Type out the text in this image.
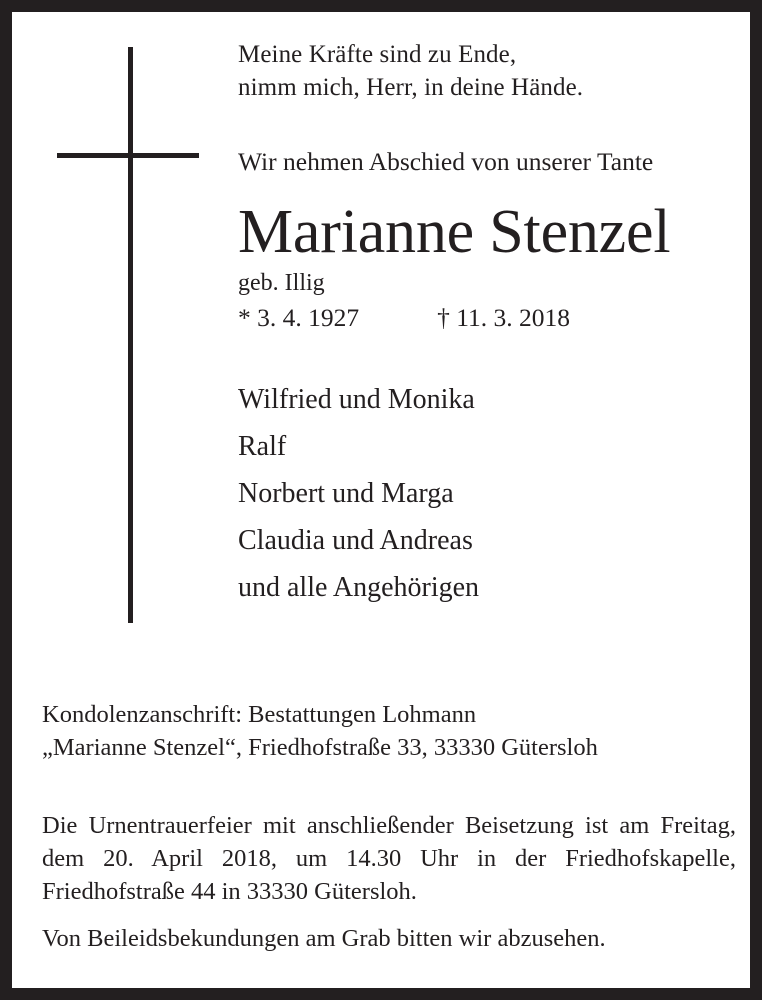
Meine Kräfte sind zu Ende,
nimm mich, Herr, in deine Hände.
Wir nehmen Abschied von unserer Tante
Marianne Stenzel
geb. Illig
* 3. 4. 1927	† 11. 3. 2018
Wilfried und Monika
Ralf
Norbert und Marga
Claudia und Andreas
und alle Angehörigen
Kondolenzanschrift: Bestattungen Lohmann
„Marianne Stenzel“, Friedhofstraße 33, 33330 Gütersloh
Die Urnentrauerfeier mit anschließender Beisetzung ist am Freitag, dem 20. April 2018, um 14.30 Uhr in der Friedhofskapelle, Friedhofstraße 44 in 33330 Gütersloh.
Von Beileidsbekundungen am Grab bitten wir abzusehen.
